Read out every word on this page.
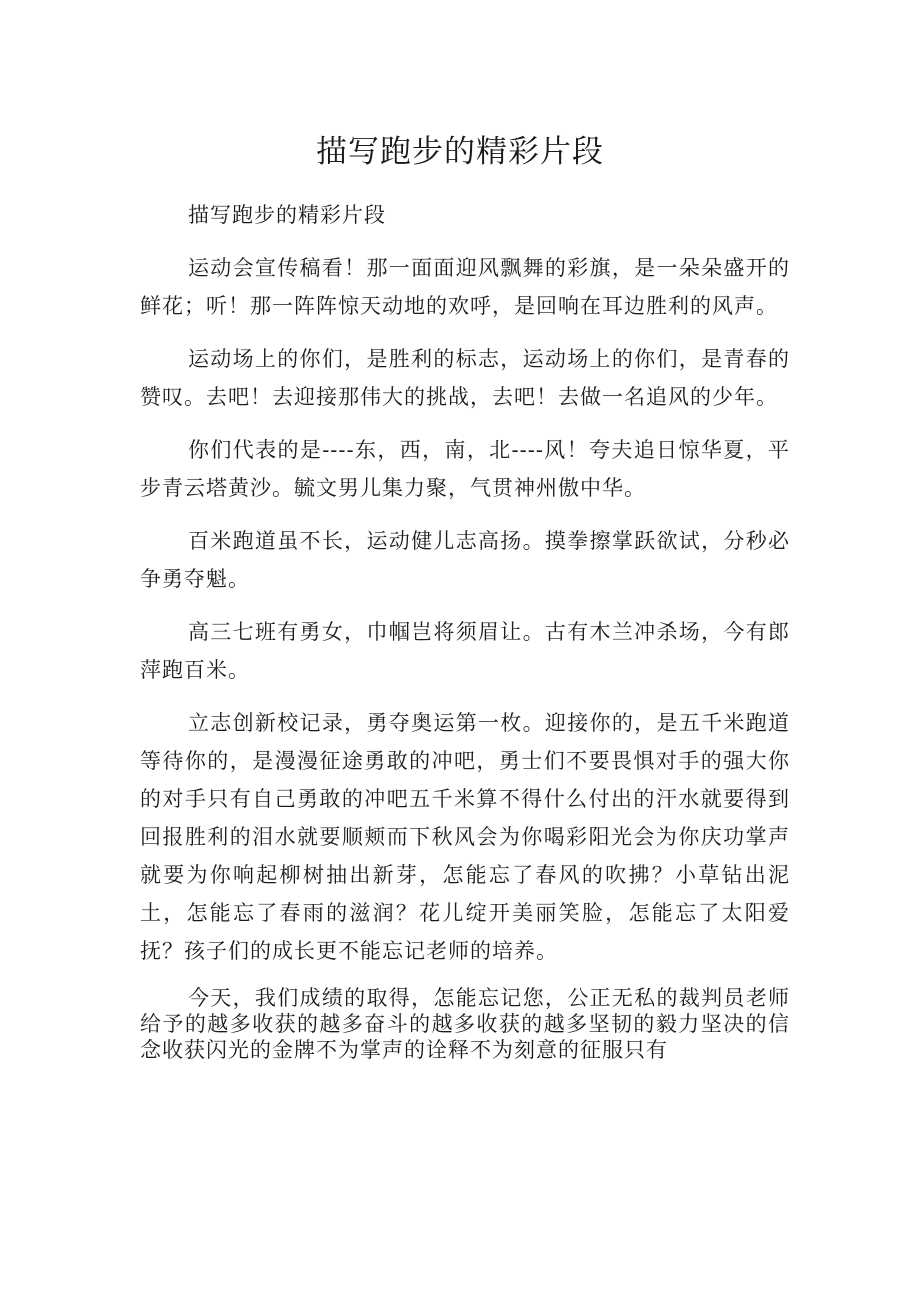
描写跑步的精彩片段

描写跑步的精彩片段

运动会宣传稿看！那一面面迎风飘舞的彩旗，是一朵朵盛开的鲜花；听！那一阵阵惊天动地的欢呼，是回响在耳边胜利的风声。

运动场上的你们，是胜利的标志，运动场上的你们，是青春的赞叹。去吧！去迎接那伟大的挑战，去吧！去做一名追风的少年。

你们代表的是----东，西，南，北----风！夸夫追日惊华夏，平步青云塔黄沙。毓文男儿集力聚，气贯神州傲中华。

百米跑道虽不长，运动健儿志高扬。摸拳擦掌跃欲试，分秒必争勇夺魁。

高三七班有勇女，巾帼岂将须眉让。古有木兰冲杀场，今有郎萍跑百米。

立志创新校记录，勇夺奥运第一枚。迎接你的，是五千米跑道等待你的，是漫漫征途勇敢的冲吧，勇士们不要畏惧对手的强大你的对手只有自己勇敢的冲吧五千米算不得什么付出的汗水就要得到回报胜利的泪水就要顺颊而下秋风会为你喝彩阳光会为你庆功掌声就要为你响起柳树抽出新芽，怎能忘了春风的吹拂？小草钻出泥土，怎能忘了春雨的滋润？花儿绽开美丽笑脸，怎能忘了太阳爱抚？孩子们的成长更不能忘记老师的培养。

今天，我们成绩的取得，怎能忘记您，公正无私的裁判员老师给予的越多收获的越多奋斗的越多收获的越多坚韧的毅力坚决的信念收获闪光的金牌不为掌声的诠释不为刻意的征服只有
